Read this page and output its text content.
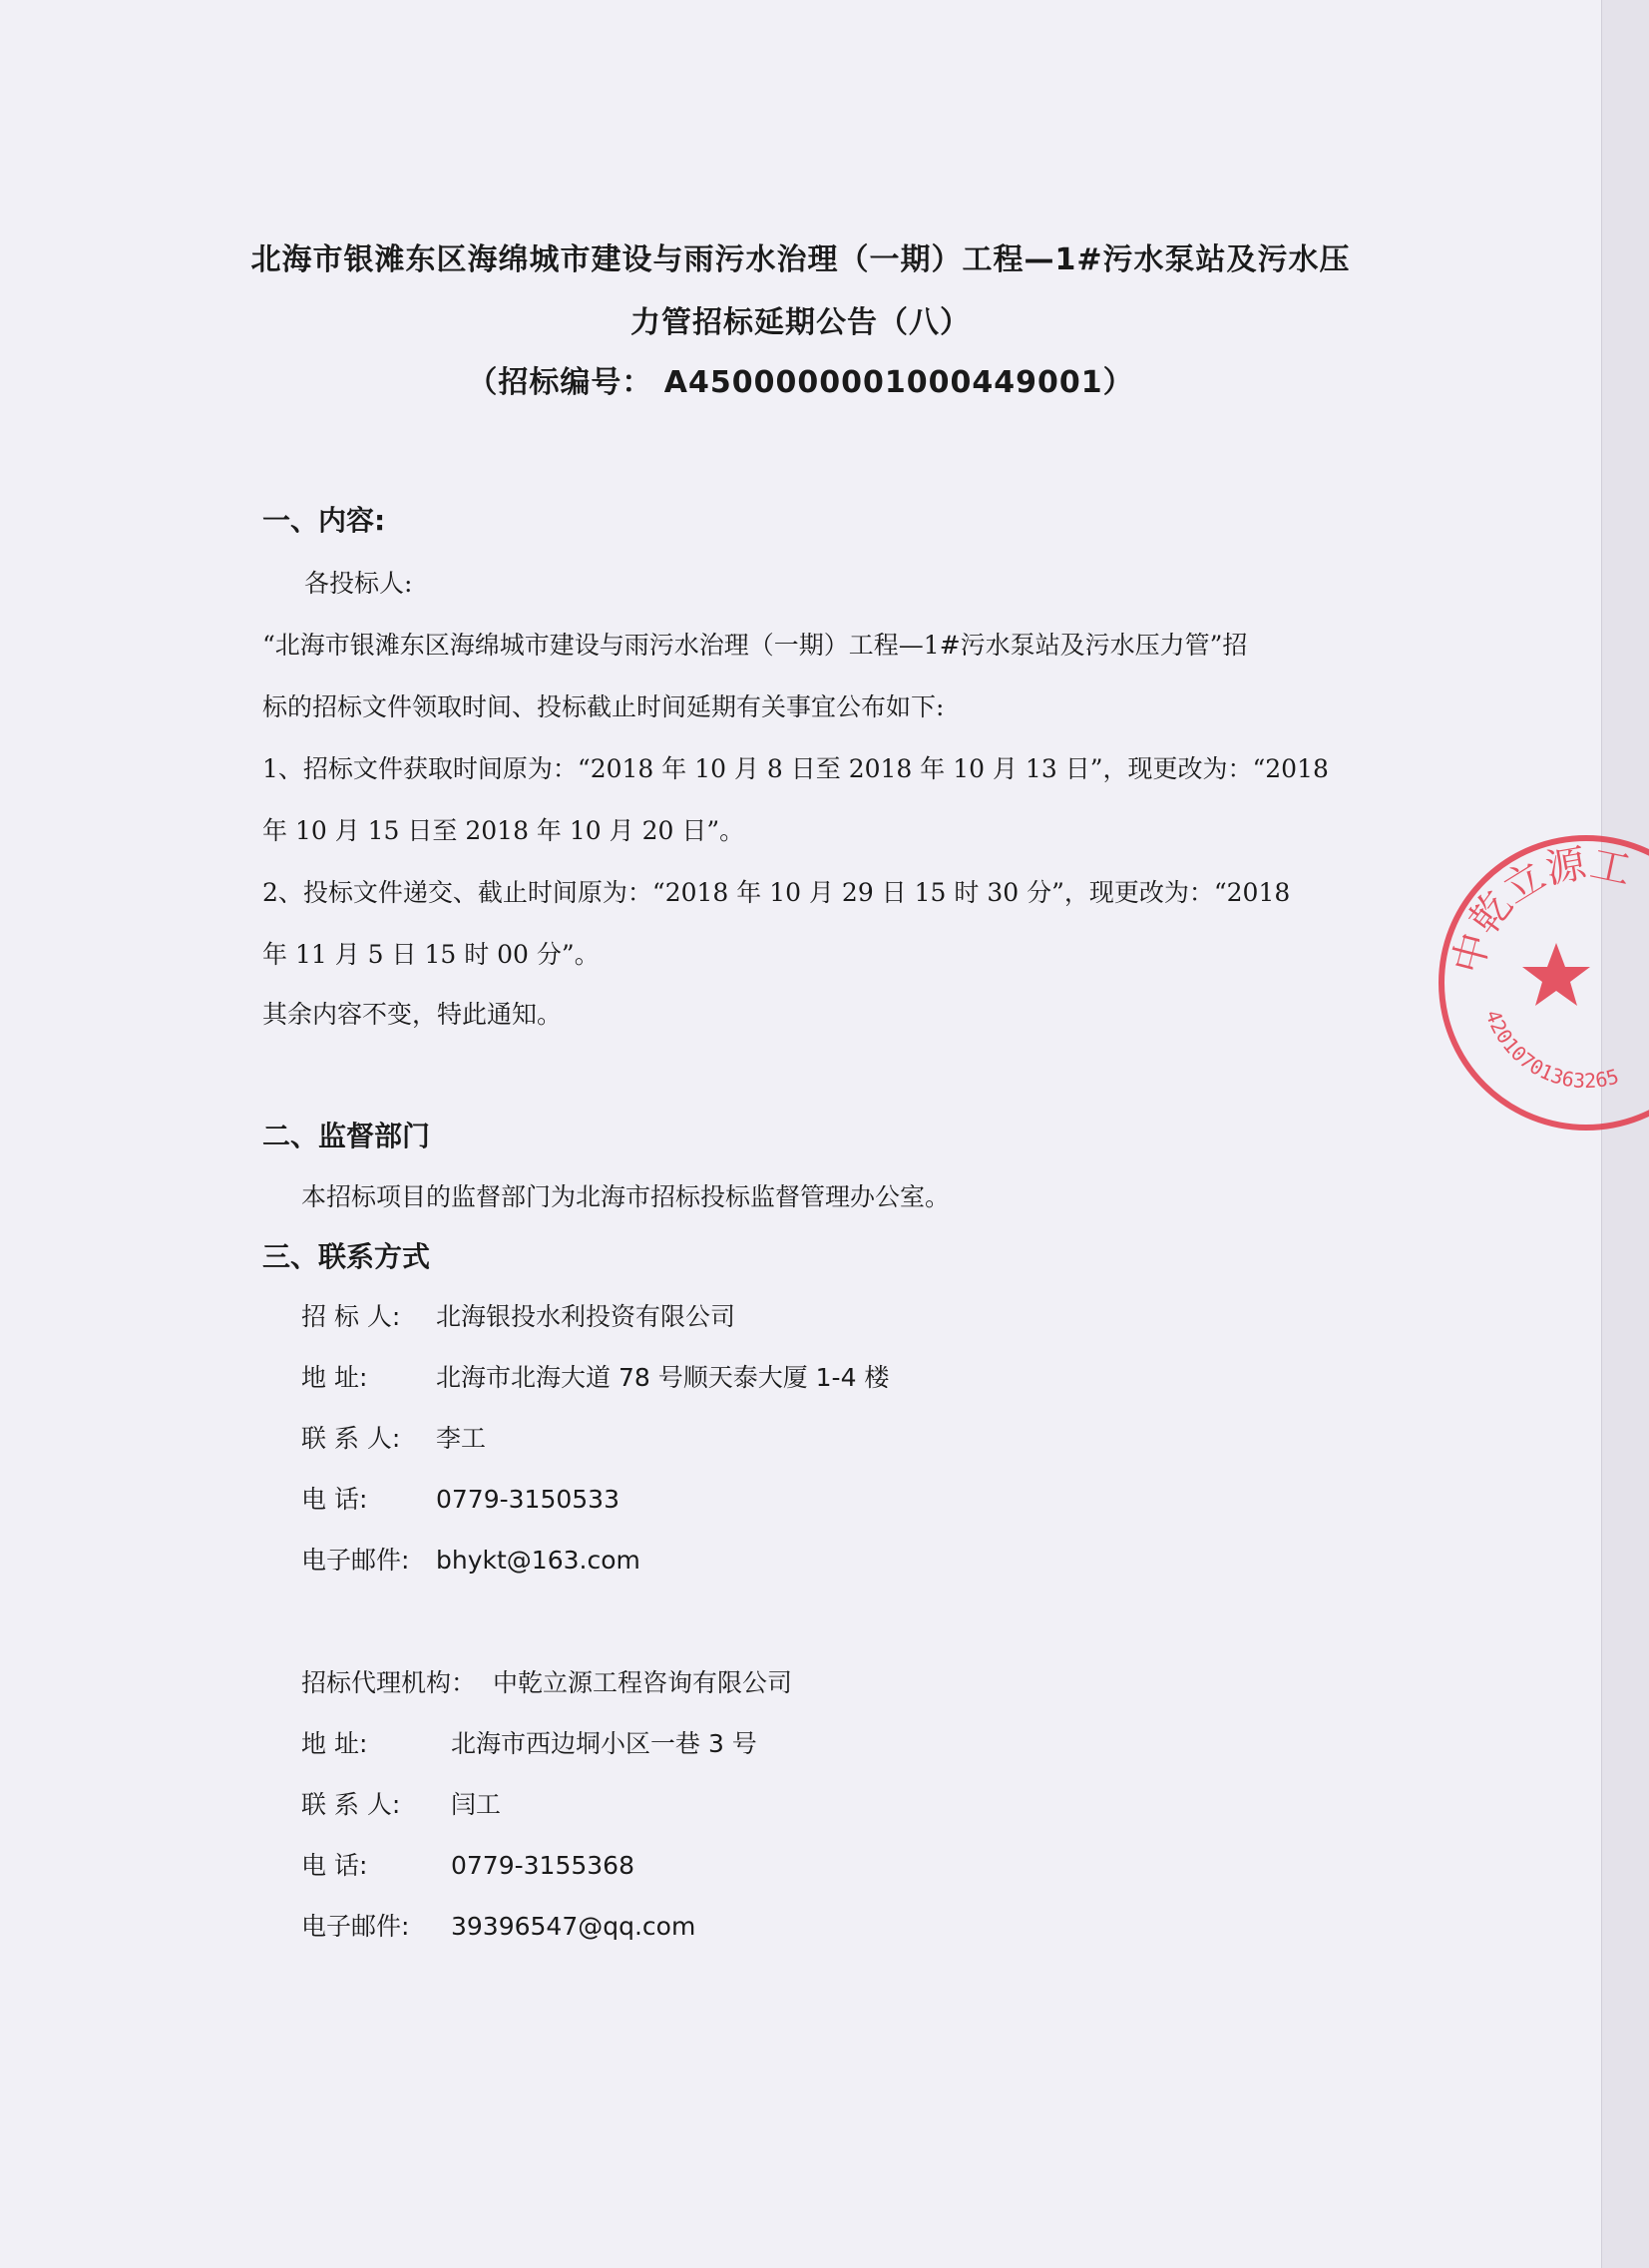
北海市银滩东区海绵城市建设与雨污水治理（一期）工程—1#污水泵站及污水压
力管招标延期公告（八）
（招标编号： A4500000001000449001）
一、内容:
各投标人:
“北海市银滩东区海绵城市建设与雨污水治理（一期）工程—1#污水泵站及污水压力管”招
标的招标文件领取时间、投标截止时间延期有关事宜公布如下:
1、招标文件获取时间原为：“2018 年 10 月 8 日至 2018 年 10 月 13 日”，现更改为：“2018
年 10 月 15 日至 2018 年 10 月 20 日”。
2、投标文件递交、截止时间原为：“2018 年 10 月 29 日 15 时 30 分”，现更改为：“2018
年 11 月 5 日 15 时 00 分”。
其余内容不变，特此通知。
二、监督部门
本招标项目的监督部门为北海市招标投标监督管理办公室。
三、联系方式
招 标 人: 北海银投水利投资有限公司
地 址:	北海市北海大道 78 号顺天泰大厦 1-4 楼
联 系 人: 李工
电 话:	0779-3150533
电子邮件: bhykt@163.com
招标代理机构： 中乾立源工程咨询有限公司
地 址:	北海市西边垌小区一巷 3 号
联 系 人: 闫工
电 话:	0779-3155368
电子邮件: 39396547@qq.com
中乾立源工
42010701363265
